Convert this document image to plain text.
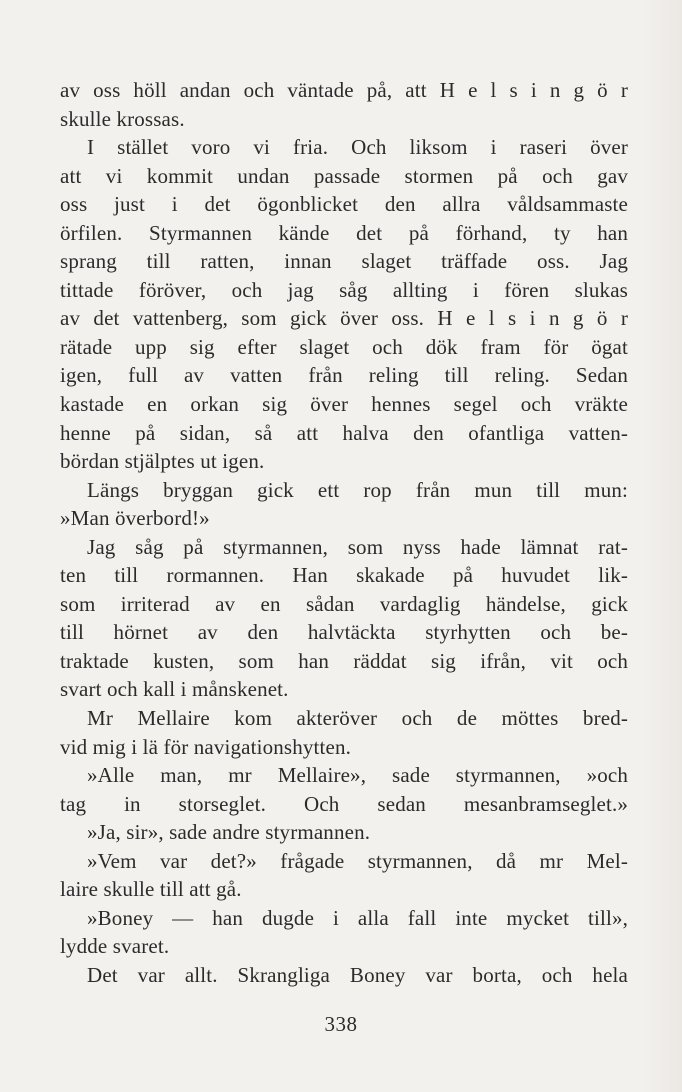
av oss höll andan och väntade på, att H e l s i n g ö r
skulle krossas.
I stället voro vi fria. Och liksom i raseri över
att vi kommit undan passade stormen på och gav
oss just i det ögonblicket den allra våldsammaste
örfilen. Styrmannen kände det på förhand, ty han
sprang till ratten, innan slaget träffade oss. Jag
tittade föröver, och jag såg allting i fören slukas
av det vattenberg, som gick över oss. H e l s i n g ö r
rätade upp sig efter slaget och dök fram för ögat
igen, full av vatten från reling till reling. Sedan
kastade en orkan sig över hennes segel och vräkte
henne på sidan, så att halva den ofantliga vatten-
bördan stjälptes ut igen.
Längs bryggan gick ett rop från mun till mun:
»Man överbord!»
Jag såg på styrmannen, som nyss hade lämnat rat-
ten till rormannen. Han skakade på huvudet lik-
som irriterad av en sådan vardaglig händelse, gick
till hörnet av den halvtäckta styrhytten och be-
traktade kusten, som han räddat sig ifrån, vit och
svart och kall i månskenet.
Mr Mellaire kom akteröver och de möttes bred-
vid mig i lä för navigationshytten.
»Alle man, mr Mellaire», sade styrmannen, »och
tag in storseglet. Och sedan mesanbramseglet.»
»Ja, sir», sade andre styrmannen.
»Vem var det?» frågade styrmannen, då mr Mel-
laire skulle till att gå.
»Boney — han dugde i alla fall inte mycket till»,
lydde svaret.
Det var allt. Skrangliga Boney var borta, och hela
338
